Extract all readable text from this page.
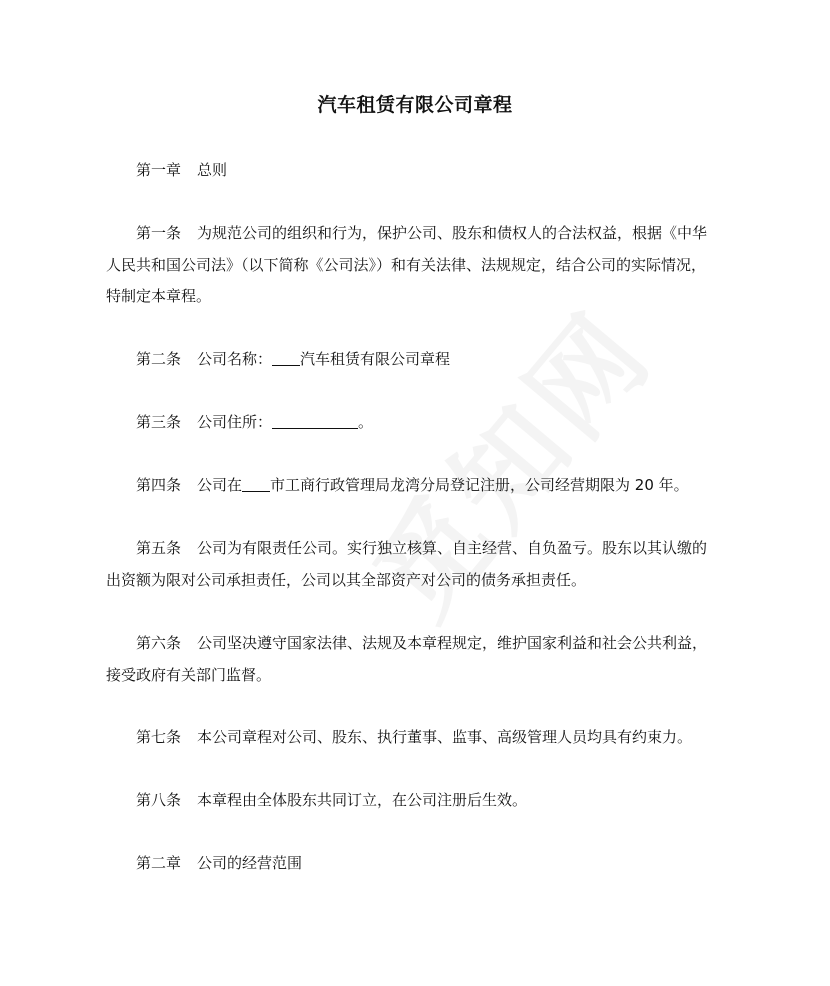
汽车租赁有限公司章程

第一章 总则

第一条 为规范公司的组织和行为，保护公司、股东和债权人的合法权益，根据《中华人民共和国公司法》（以下简称《公司法》）和有关法律、法规规定，结合公司的实际情况，特制定本章程。

第二条 公司名称： 汽车租赁有限公司章程

第三条 公司住所：	。

第四条 公司在 市工商行政管理局龙湾分局登记注册，公司经营期限为 20 年。

第五条 公司为有限责任公司。实行独立核算、自主经营、自负盈亏。股东以其认缴的出资额为限对公司承担责任，公司以其全部资产对公司的债务承担责任。

第六条 公司坚决遵守国家法律、法规及本章程规定，维护国家利益和社会公共利益，接受政府有关部门监督。

第七条 本公司章程对公司、股东、执行董事、监事、高级管理人员均具有约束力。

第八条 本章程由全体股东共同订立，在公司注册后生效。

第二章 公司的经营范围
